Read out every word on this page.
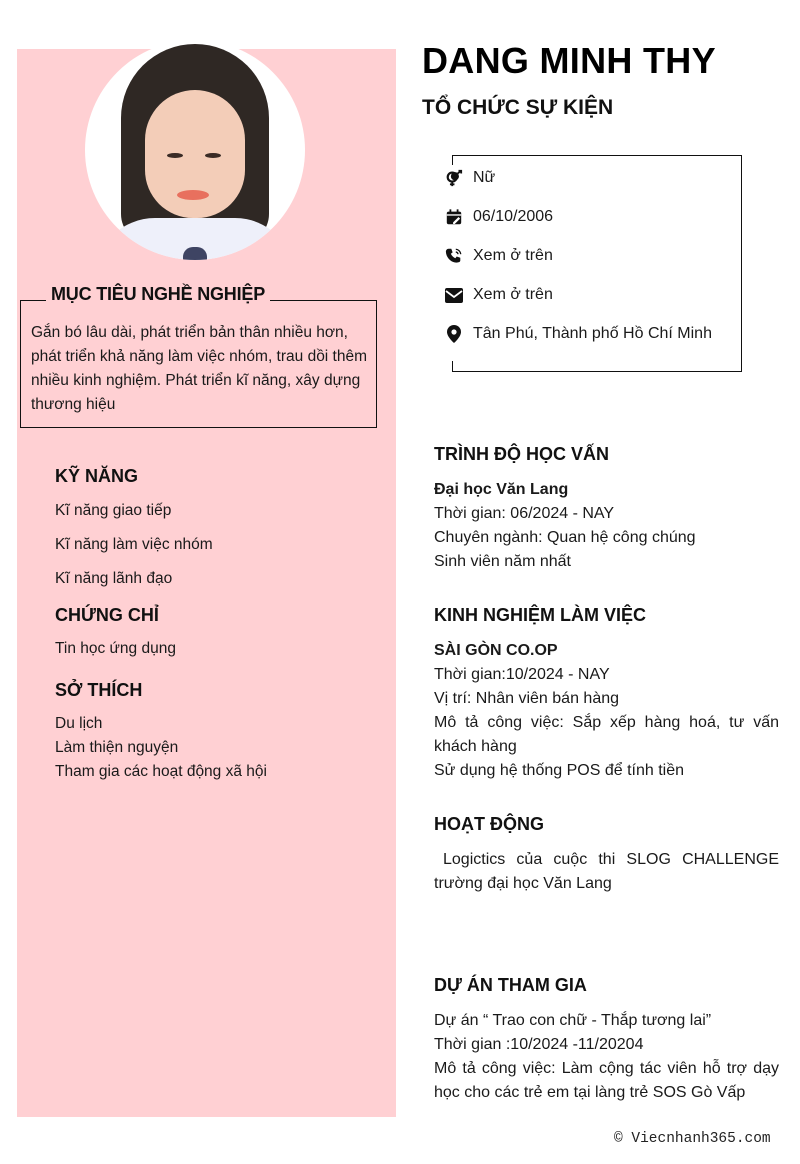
MỤC TIÊU NGHỀ NGHIỆP
Gắn bó lâu dài, phát triển bản thân nhiều hơn, phát triển khả năng làm việc nhóm, trau dồi thêm nhiều kinh nghiệm. Phát triển kĩ năng, xây dựng thương hiệu
KỸ NĂNG
Kĩ năng giao tiếp
Kĩ năng làm việc nhóm
Kĩ năng lãnh đạo
CHỨNG CHỈ
Tin học ứng dụng
SỞ THÍCH
Du lịch
Làm thiện nguyện
Tham gia các hoạt động xã hội
DANG MINH THY
TỔ CHỨC SỰ KIỆN
Nữ
06/10/2006
Xem ở trên
Xem ở trên
Tân Phú, Thành phố Hồ Chí Minh
TRÌNH ĐỘ HỌC VẤN
Đại học Văn Lang
Thời gian: 06/2024 - NAY
Chuyên ngành: Quan hệ công chúng
Sinh viên năm nhất
KINH NGHIỆM LÀM VIỆC
SÀI GÒN CO.OP
Thời gian:10/2024 - NAY
Vị trí: Nhân viên bán hàng
Mô tả công việc: Sắp xếp hàng hoá, tư vấn khách hàng
Sử dụng hệ thống POS để tính tiền
HOẠT ĐỘNG
Logictics của cuộc thi SLOG CHALLENGE trường đại học Văn Lang
DỰ ÁN THAM GIA
Dự án “ Trao con chữ - Thắp tương lai”
Thời gian :10/2024 -11/20204
Mô tả công việc: Làm cộng tác viên hỗ trợ dạy học cho các trẻ em tại làng trẻ SOS Gò Vấp
© Viecnhanh365.com
